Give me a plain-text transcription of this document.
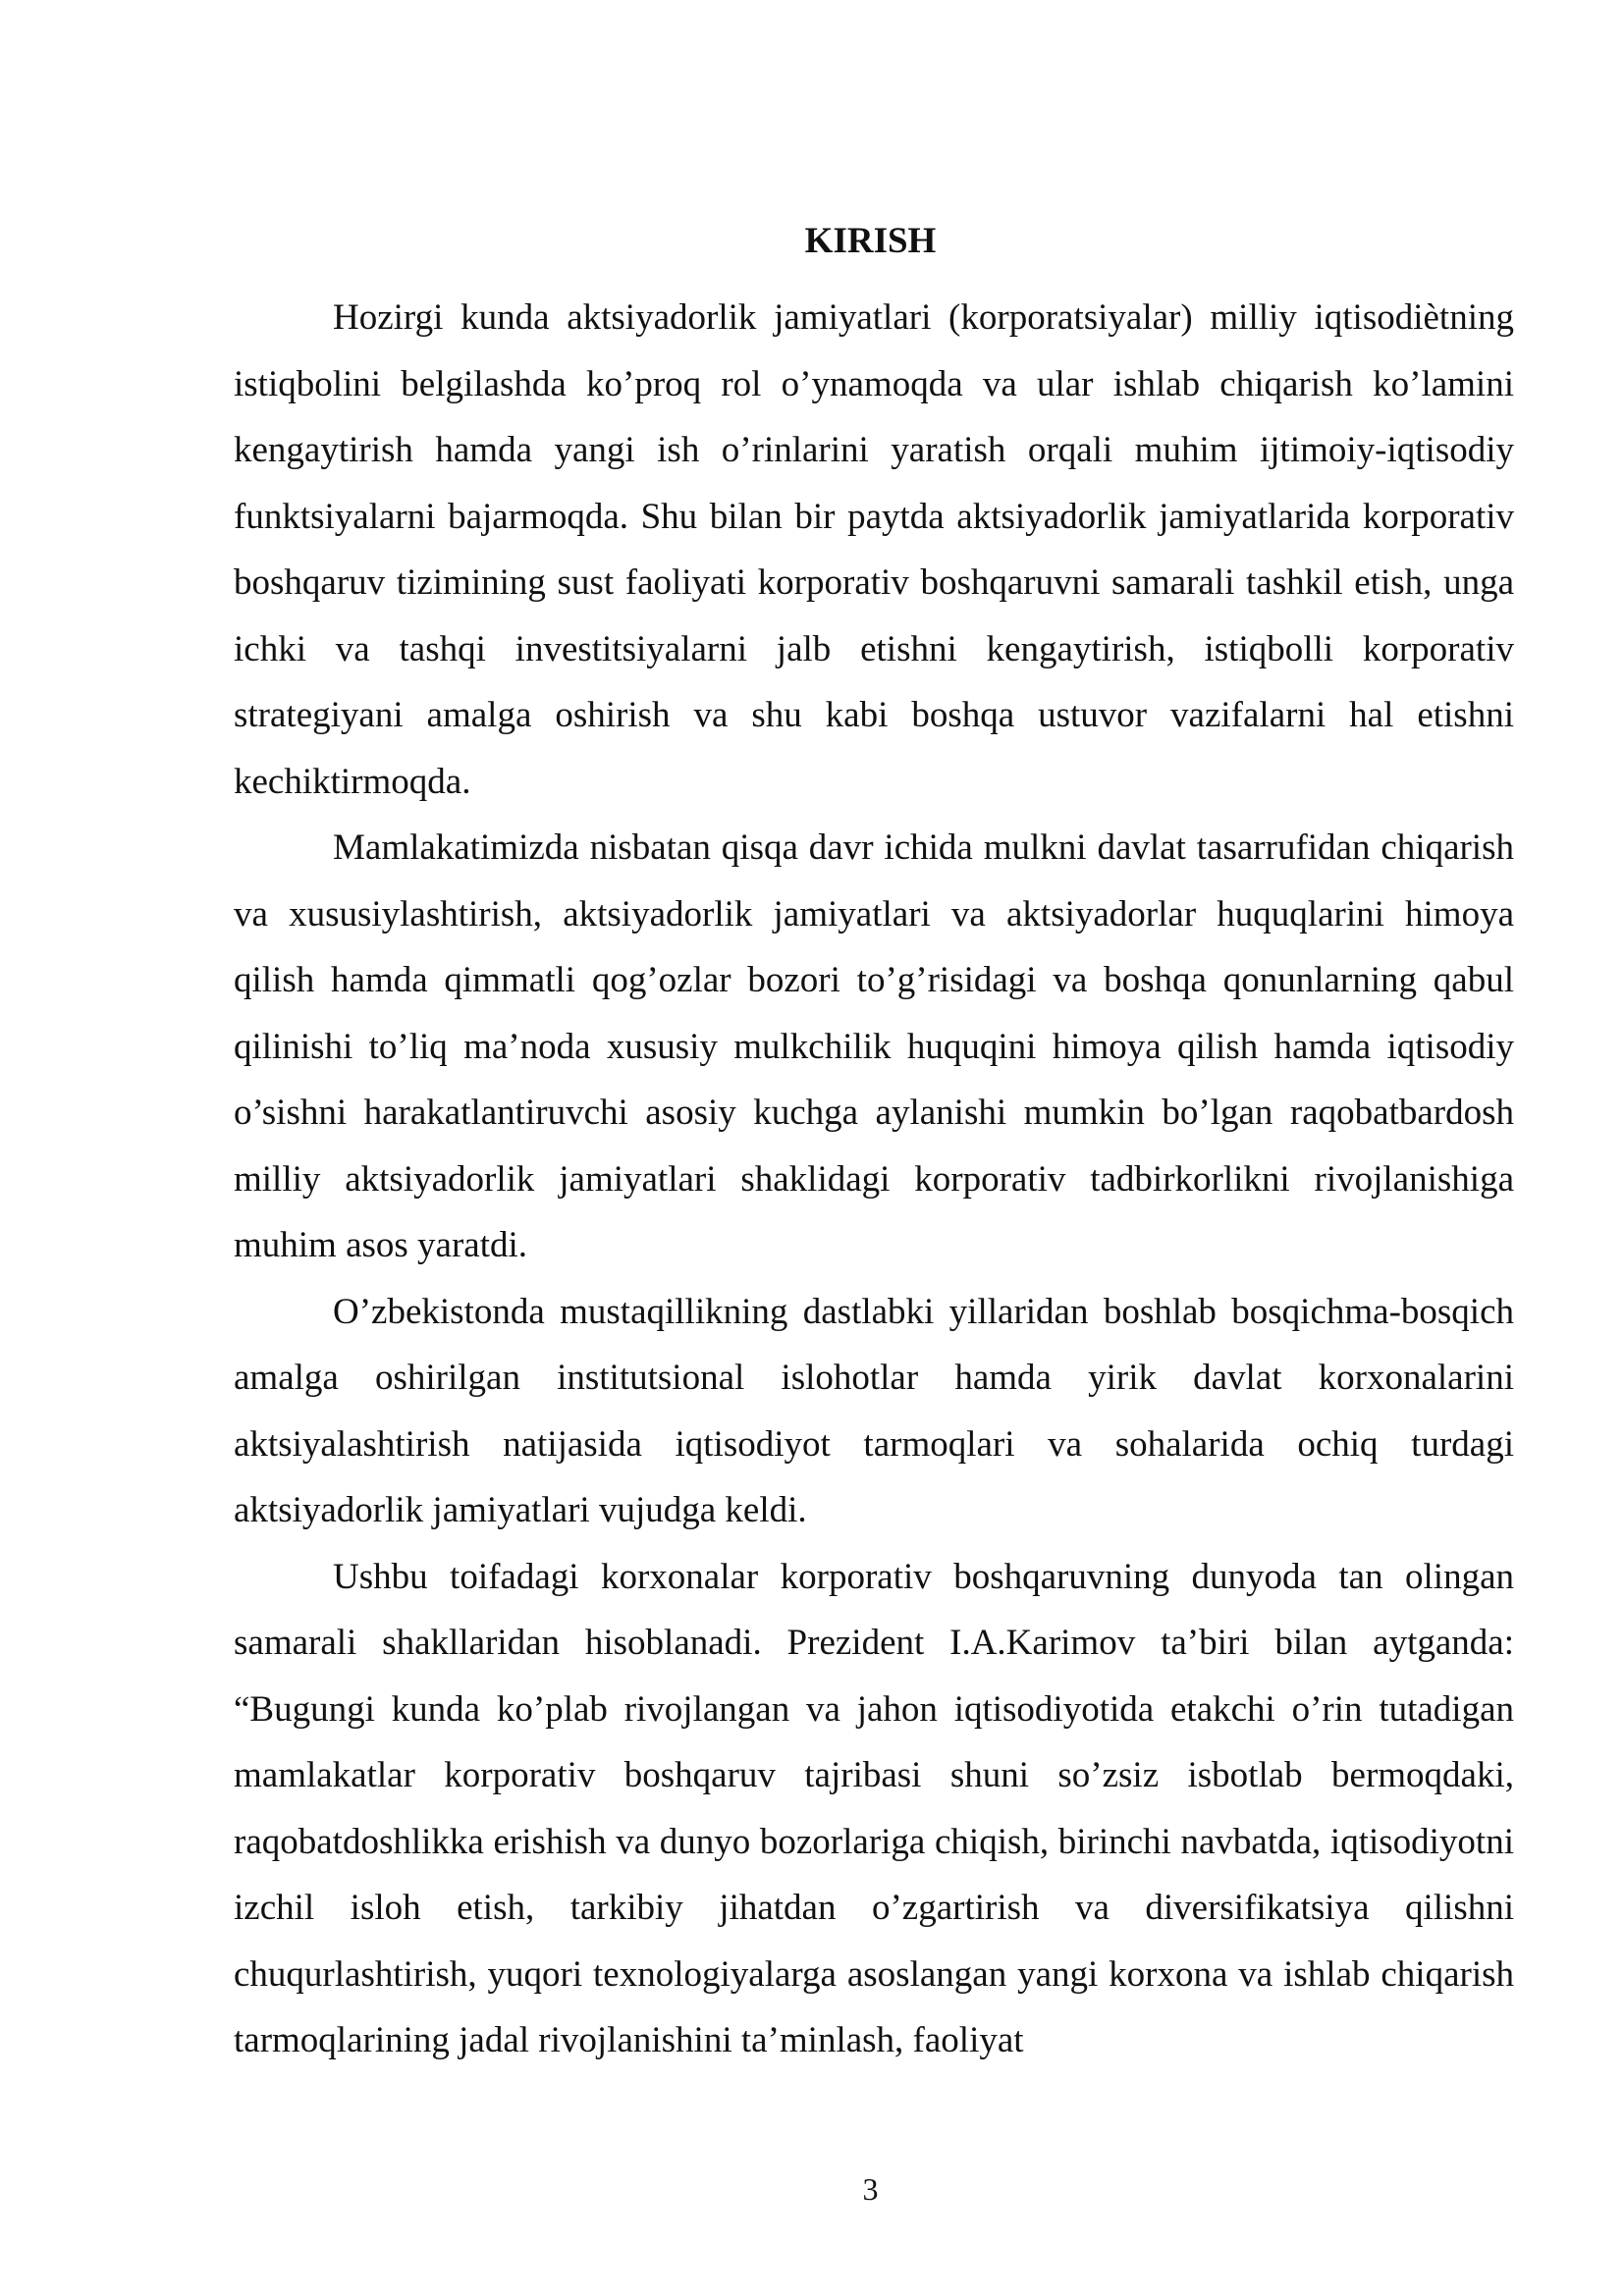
KIRISH

Hozirgi kunda aktsiyadorlik jamiyatlari (korporatsiyalar) milliy iqtisodiètning istiqbolini belgilashda ko’proq rol o’ynamoqda va ular ishlab chiqarish ko’lamini kengaytirish hamda yangi ish o’rinlarini yaratish orqali muhim ijtimoiy-iqtisodiy funktsiyalarni bajarmoqda. Shu bilan bir paytda aktsiyadorlik jamiyatlarida korporativ boshqaruv tizimining sust faoliyati korporativ boshqaruvni samarali tashkil etish, unga ichki va tashqi investitsiyalarni jalb etishni kengaytirish, istiqbolli korporativ strategiyani amalga oshirish va shu kabi boshqa ustuvor vazifalarni hal etishni kechiktirmoqda.

Mamlakatimizda nisbatan qisqa davr ichida mulkni davlat tasarrufidan chiqarish va xususiylashtirish, aktsiyadorlik jamiyatlari va aktsiyadorlar huquqlarini himoya qilish hamda qimmatli qog’ozlar bozori to’g’risidagi va boshqa qonunlarning qabul qilinishi to’liq ma’noda xususiy mulkchilik huquqini himoya qilish hamda iqtisodiy o’sishni harakatlantiruvchi asosiy kuchga aylanishi mumkin bo’lgan raqobatbardosh milliy aktsiyadorlik jamiyatlari shaklidagi korporativ tadbirkorlikni rivojlanishiga muhim asos yaratdi.

O’zbekistonda mustaqillikning dastlabki yillaridan boshlab bosqichma-bosqich amalga oshirilgan institutsional islohotlar hamda yirik davlat korxonalarini aktsiyalashtirish natijasida iqtisodiyot tarmoqlari va sohalarida ochiq turdagi aktsiyadorlik jamiyatlari vujudga keldi.

Ushbu toifadagi korxonalar korporativ boshqaruvning dunyoda tan olingan samarali shakllaridan hisoblanadi. Prezident I.A.Karimov ta’biri bilan aytganda: “Bugungi kunda ko’plab rivojlangan va jahon iqtisodiyotida etakchi o’rin tutadigan mamlakatlar korporativ boshqaruv tajribasi shuni so’zsiz isbotlab bermoqdaki, raqobatdoshlikka erishish va dunyo bozorlariga chiqish, birinchi navbatda, iqtisodiyotni izchil isloh etish, tarkibiy jihatdan o’zgartirish va diversifikatsiya qilishni chuqurlashtirish, yuqori texnologiyalarga asoslangan yangi korxona va ishlab chiqarish tarmoqlarining jadal rivojlanishini ta’minlash, faoliyat

3
